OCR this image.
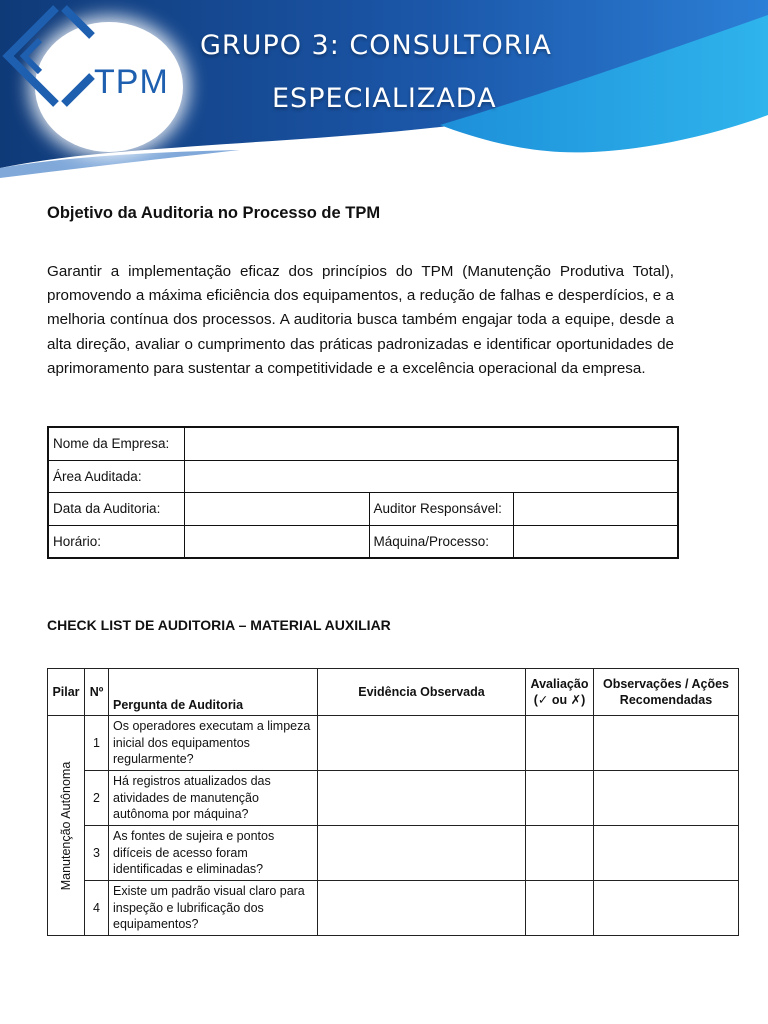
TPM
GRUPO 3: CONSULTORIA
ESPECIALIZADA
Objetivo da Auditoria no Processo de TPM

Garantir a implementação eficaz dos princípios do TPM (Manutenção Produtiva Total), promovendo a máxima eficiência dos equipamentos, a redução de falhas e desperdícios, e a melhoria contínua dos processos. A auditoria busca também engajar toda a equipe, desde a alta direção, avaliar o cumprimento das práticas padronizadas e identificar oportunidades de aprimoramento para sustentar a competitividade e a excelência operacional da empresa.

Nome da Empresa:			
Área Auditada:			
Data da Auditoria:		Auditor Responsável:	
Horário:		Máquina/Processo:	
CHECK LIST DE AUDITORIA – MATERIAL AUXILIAR
Pilar	Nº	Pergunta de Auditoria	Evidência Observada	Avaliação (✓ ou ✗)	Observações / Ações Recomendadas

Manutenção Autônoma	1	Os operadores executam a limpeza inicial dos equipamentos regularmente?			
	2	Há registros atualizados das atividades de manutenção autônoma por máquina?			
	3	As fontes de sujeira e pontos difíceis de acesso foram identificadas e eliminadas?			
	4	Existe um padrão visual claro para inspeção e lubrificação dos equipamentos?			
